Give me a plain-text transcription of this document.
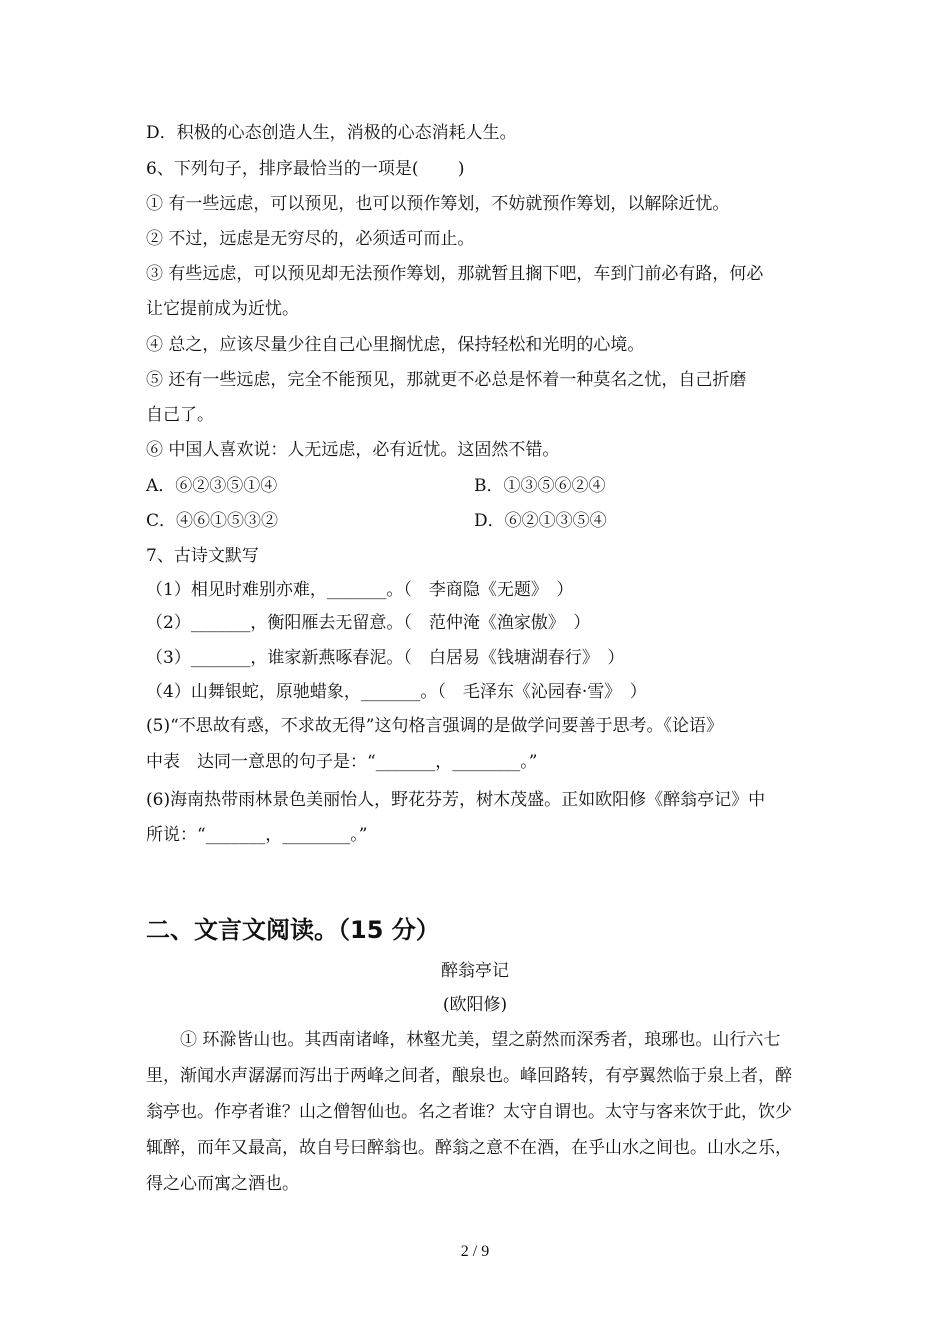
D．积极的心态创造人生，消极的心态消耗人生。
6、下列句子，排序最恰当的一项是(　　 )
① 有一些远虑，可以预见，也可以预作筹划，不妨就预作筹划，以解除近忧。
② 不过，远虑是无穷尽的，必须适可而止。
③ 有些远虑，可以预见却无法预作筹划，那就暂且搁下吧，车到门前必有路，何必
让它提前成为近忧。
④ 总之，应该尽量少往自己心里搁忧虑，保持轻松和光明的心境。
⑤ 还有一些远虑，完全不能预见，那就更不必总是怀着一种莫名之忧，自己折磨
自己了。
⑥ 中国人喜欢说：人无远虑，必有近忧。这固然不错。
A．⑥②③⑤①④	B．①③⑤⑥②④
C．④⑥①⑤③②	D．⑥②①③⑤④
7、古诗文默写
（1）相见时难别亦难，_______。（　李商隐《无题》　）
（2）_______，衡阳雁去无留意。（　范仲淹《渔家傲》　）
（3）_______，谁家新燕啄春泥。（　白居易《钱塘湖春行》　）
（4）山舞银蛇，原驰蜡象，_______。（　毛泽东《沁园春·雪》　）
(5)“不思故有惑，不求故无得”这句格言强调的是做学问要善于思考。《论语》
中表　达同一意思的句子是：“_______，________。”
(6)海南热带雨林景色美丽怡人，野花芬芳，树木茂盛。正如欧阳修《醉翁亭记》中
所说：“_______，________。”
二、文言文阅读。（15 分）
醉翁亭记
(欧阳修)
① 环滁皆山也。其西南诸峰，林壑尤美，望之蔚然而深秀者，琅琊也。山行六七里，渐闻水声潺潺而泻出于两峰之间者，酿泉也。峰回路转，有亭翼然临于泉上者，醉翁亭也。作亭者谁？山之僧智仙也。名之者谁？太守自谓也。太守与客来饮于此，饮少辄醉，而年又最高，故自号曰醉翁也。醉翁之意不在酒，在乎山水之间也。山水之乐，得之心而寓之酒也。
2 / 9
